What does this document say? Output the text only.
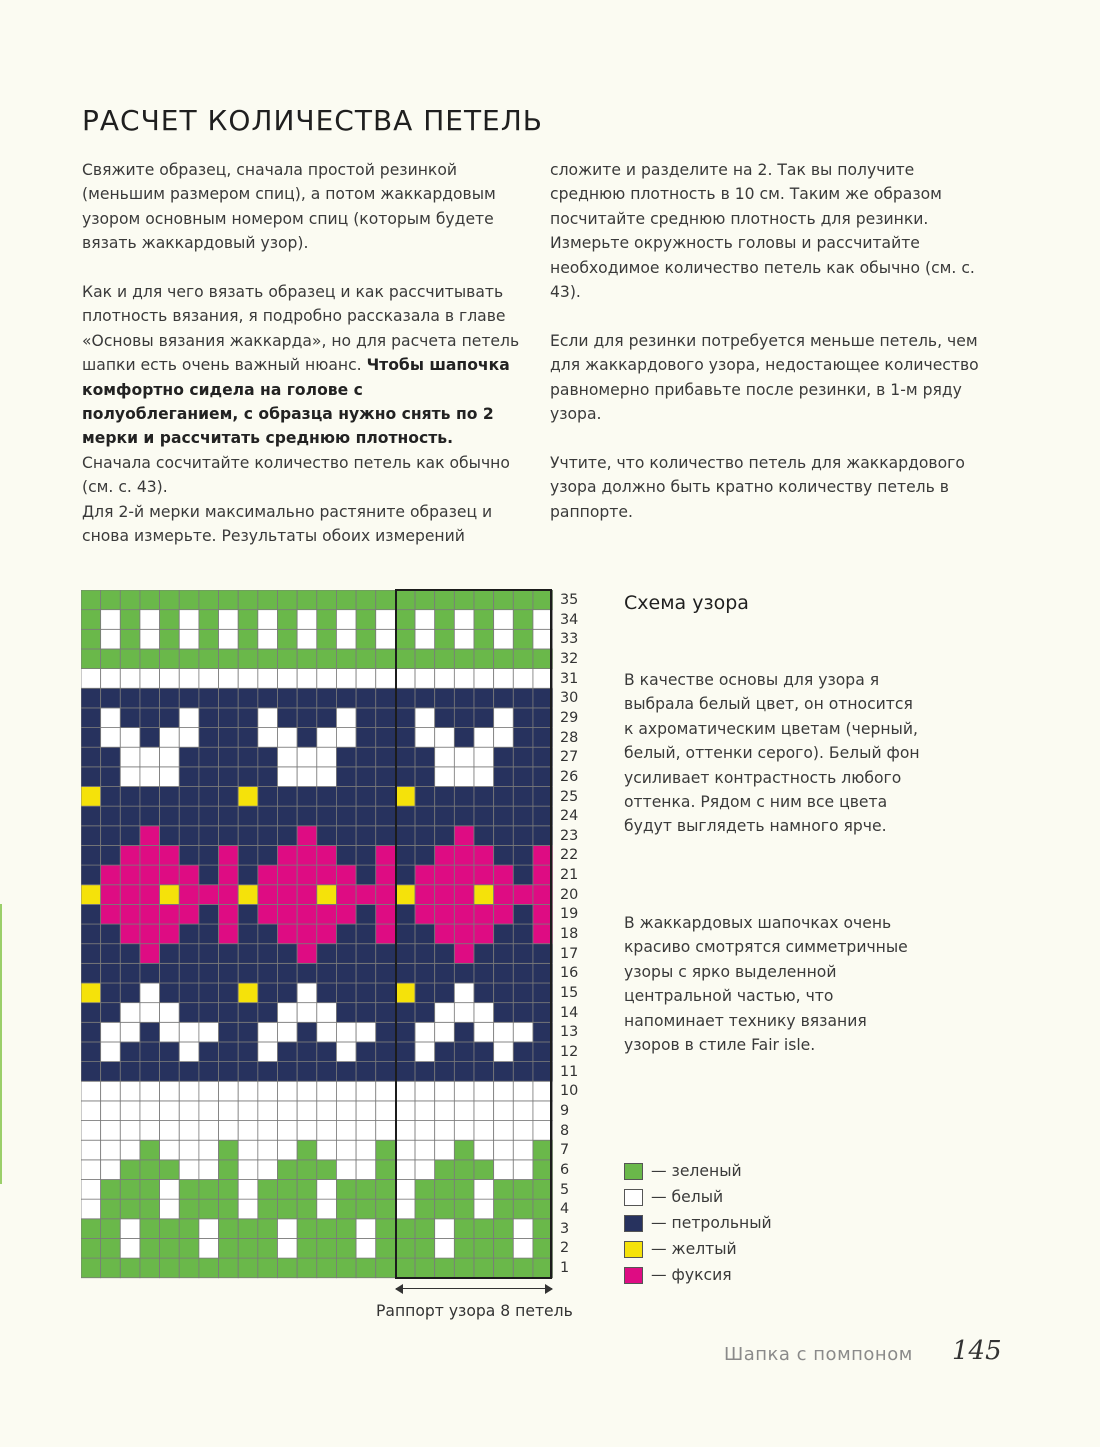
РАСЧЕТ КОЛИЧЕСТВА ПЕТЕЛЬ

Свяжите образец, сначала простой резинкой (меньшим размером спиц), а потом жаккардовым узором основным номером спиц (которым будете вязать жаккардовый узор).

Как и для чего вязать образец и как рассчитывать плотность вязания, я подробно рассказала в главе «Основы вязания жаккарда», но для расчета петель шапки есть очень важный нюанс. Чтобы шапочка комфортно сидела на голове с полуоблеганием, с образца нужно снять по 2 мерки и рассчитать среднюю плотность. Сначала сосчитайте количество петель как обычно (см. с. 43).

Для 2-й мерки максимально растяните образец и снова измерьте. Результаты обоих измерений

сложите и разделите на 2. Так вы получите среднюю плотность в 10 см. Таким же образом посчитайте среднюю плотность для резинки. Измерьте окружность головы и рассчитайте необходимое количество петель как обычно (см. с. 43).

Если для резинки потребуется меньше петель, чем для жаккардового узора, недостающее количество равномерно прибавьте после резинки, в 1-м ряду узора.

Учтите, что количество петель для жаккардового узора должно быть кратно количеству петель в раппорте.

1
2
3
4
5
6
7
8
9
10
11
12
13
14
15
16
17
18
19
20
21
22
23
24
25
26
27
28
29
30
31
32
33
34
35
Раппорт узора 8 петель
Схема узора

В качестве основы для узора я выбрала белый цвет, он относится к ахроматическим цветам (черный, белый, оттенки серого). Белый фон усиливает контрастность любого оттенка. Рядом с ним все цвета будут выглядеть намного ярче.

В жаккардовых шапочках очень красиво смотрятся симметричные узоры с ярко выделенной центральной частью, что напоминает технику вязания узоров в стиле Fair isle.

— зеленый
— белый
— петрольный
— желтый
— фуксия
Шапка с помпоном 145
